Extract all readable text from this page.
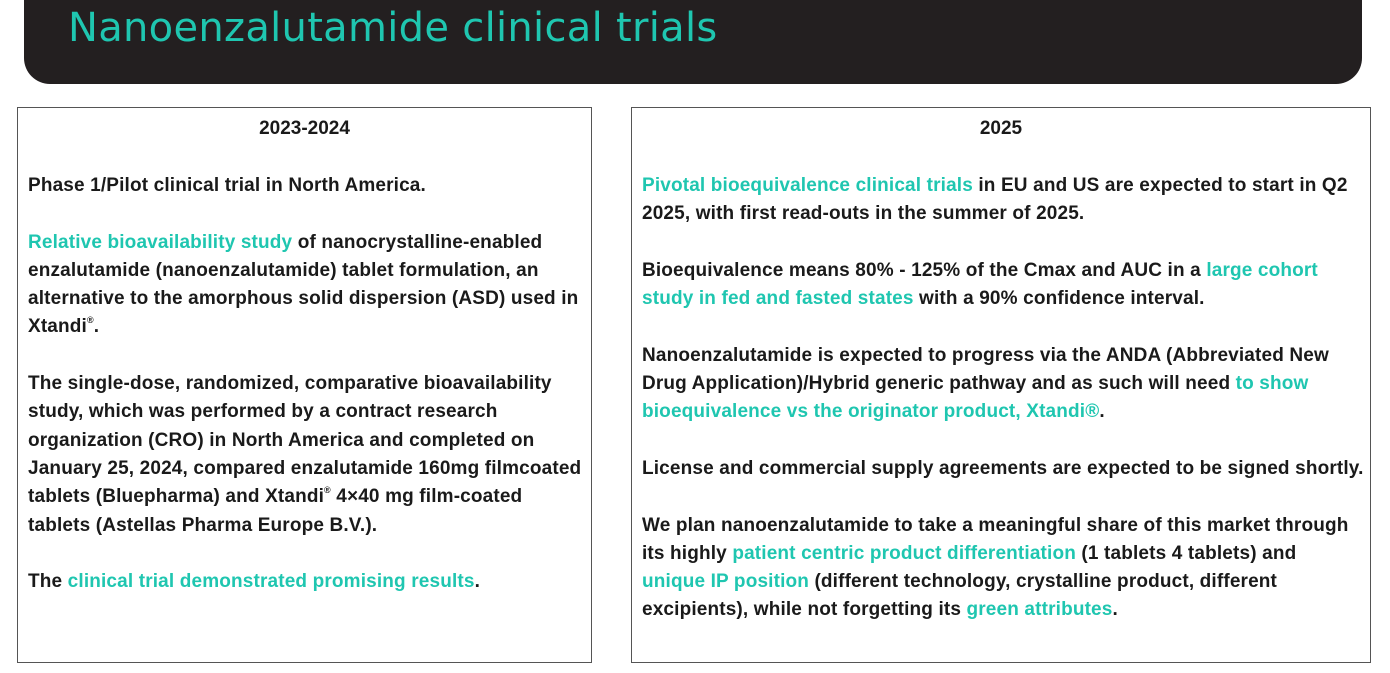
Nanoenzalutamide clinical trials
2023-2024

Phase 1/Pilot clinical trial in North America.

Relative bioavailability study of nanocrystalline-enabled enzalutamide (nanoenzalutamide) tablet formulation, an alternative to the amorphous solid dispersion (ASD) used in Xtandi®.

The single-dose, randomized, comparative bioavailability study, which was performed by a contract research organization (CRO) in North America and completed on January 25, 2024, compared enzalutamide 160mg filmcoated tablets (Bluepharma) and Xtandi® 4×40 mg film-coated tablets (Astellas Pharma Europe B.V.).

The clinical trial demonstrated promising results.

2025

Pivotal bioequivalence clinical trials in EU and US are expected to start in Q2 2025, with first read-outs in the summer of 2025.

Bioequivalence means 80% - 125% of the Cmax and AUC in a large cohort study in fed and fasted states with a 90% confidence interval.

Nanoenzalutamide is expected to progress via the ANDA (Abbreviated New Drug Application)/Hybrid generic pathway and as such will need to show bioequivalence vs the originator product, Xtandi®.

License and commercial supply agreements are expected to be signed shortly.

We plan nanoenzalutamide to take a meaningful share of this market through its highly patient centric product differentiation (1 tablets 4 tablets) and unique IP position (different technology, crystalline product, different excipients), while not forgetting its green attributes.
